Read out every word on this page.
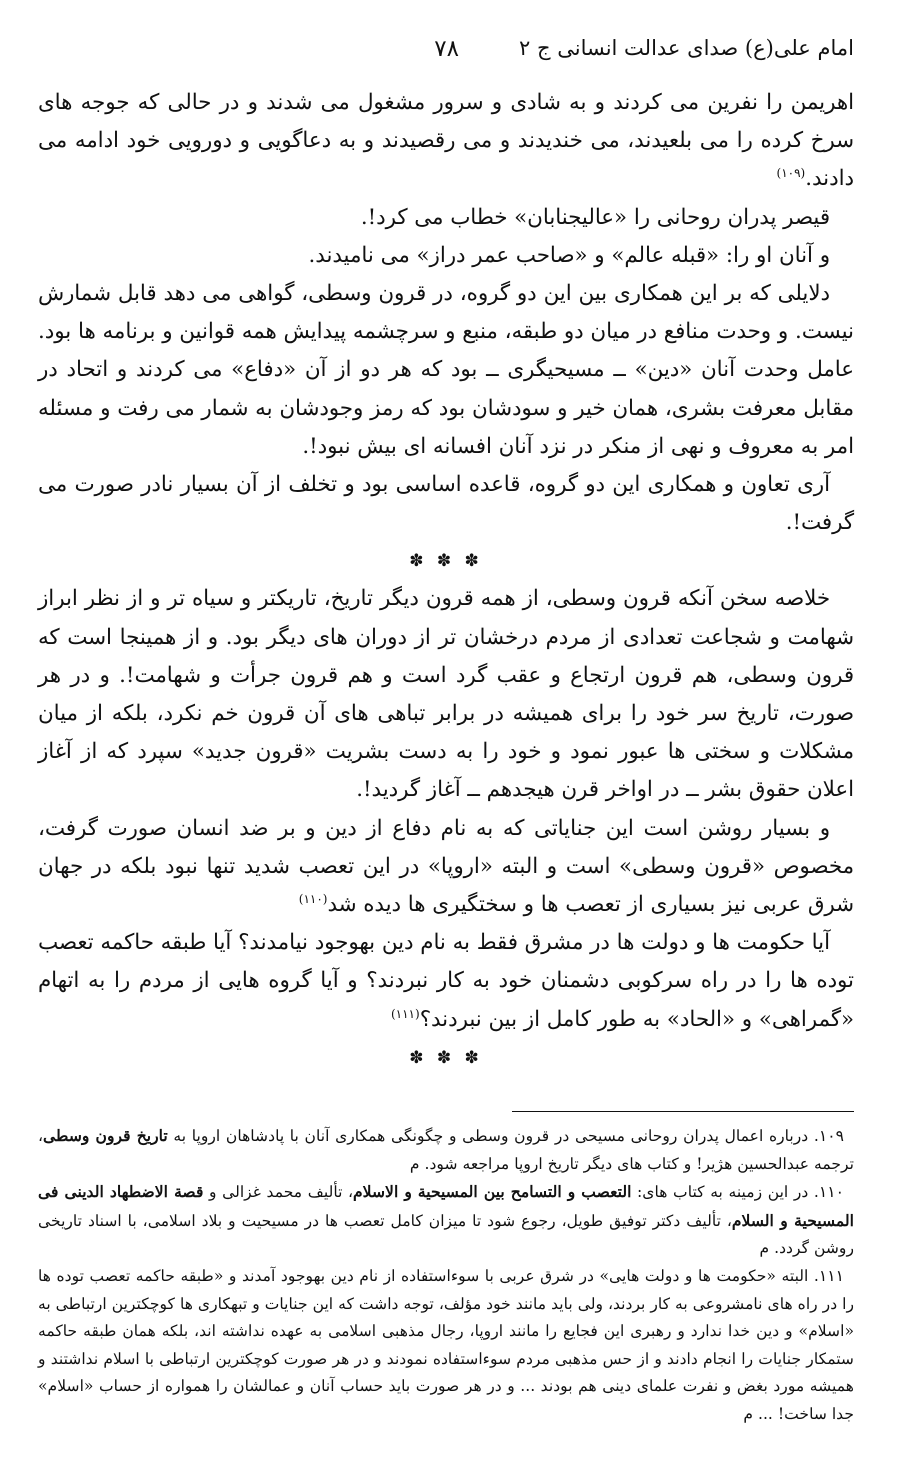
امام علی(ع) صدای عدالت انسانی ج ۲
۷۸

اهریمن را نفرین می کردند و به شادی و سرور مشغول می شدند و در حالی که جوجه های سرخ کرده را می بلعیدند، می خندیدند و می رقصیدند و به دعاگویی و دورویی خود ادامه می دادند.$^{(۱۰۹)}$

قیصر پدران روحانی را «عالیجنابان» خطاب می کرد!.

و آنان او را: «قبله عالم» و «صاحب عمر دراز» می نامیدند.

دلایلی که بر این همکاری بین این دو گروه، در قرون وسطی، گواهی می دهد قابل شمارش نیست. و وحدت منافع در میان دو طبقه، منبع و سرچشمه پیدایش همه قوانین و برنامه ها بود. عامل وحدت آنان «دین» ــ مسیحیگری ــ بود که هر دو از آن «دفاع» می کردند و اتحاد در مقابل معرفت بشری، همان خیر و سودشان بود که رمز وجودشان به شمار می رفت و مسئله امر به معروف و نهی از منکر در نزد آنان افسانه ای بیش نبود!.

آری تعاون و همکاری این دو گروه، قاعده اساسی بود و تخلف از آن بسیار نادر صورت می گرفت!.

✽ ✽ ✽

خلاصه سخن آنکه قرون وسطی، از همه قرون دیگر تاریخ، تاریکتر و سیاه تر و از نظر ابراز شهامت و شجاعت تعدادی از مردم درخشان تر از دوران های دیگر بود. و از همینجا است که قرون وسطی، هم قرون ارتجاع و عقب گرد است و هم قرون جرأت و شهامت!. و در هر صورت، تاریخ سر خود را برای همیشه در برابر تباهی های آن قرون خم نکرد، بلکه از میان مشکلات و سختی ها عبور نمود و خود را به دست بشریت «قرون جدید» سپرد که از آغاز اعلان حقوق بشر ــ در اواخر قرن هیجدهم ــ آغاز گردید!.

و بسیار روشن است این جنایاتی که به نام دفاع از دین و بر ضد انسان صورت گرفت، مخصوص «قرون وسطی» است و البته «اروپا» در این تعصب شدید تنها نبود بلکه در جهان شرق عربی نیز بسیاری از تعصب ها و سختگیری ها دیده شد$^{(۱۱۰)}$

آیا حکومت ها و دولت ها در مشرق فقط به نام دین بهوجود نیامدند؟ آیا طبقه حاکمه تعصب توده ها را در راه سرکوبی دشمنان خود به کار نبردند؟ و آیا گروه هایی از مردم را به اتهام «گمراهی» و «الحاد» به طور کامل از بین نبردند؟$^{(۱۱۱)}$

✽ ✽ ✽

۱۰۹. درباره اعمال پدران روحانی مسیحی در قرون وسطی و چگونگی همکاری آنان با پادشاهان اروپا به تاریخ قرون وسطی، ترجمه عبدالحسین هژیر! و کتاب های دیگر تاریخ اروپا مراجعه شود. م

۱۱۰. در این زمینه به کتاب های: التعصب و التسامح بین المسیحیة و الاسلام، تألیف محمد غزالی و قصة الاضطهاد الدینی فی المسیحیة و السلام، تألیف دکتر توفیق طویل، رجوع شود تا میزان کامل تعصب ها در مسیحیت و بلاد اسلامی، با اسناد تاریخی روشن گردد. م

۱۱۱. البته «حکومت ها و دولت هایی» در شرق عربی با سوءاستفاده از نام دین بهوجود آمدند و «طبقه حاکمه تعصب توده ها را در راه های نامشروعی به کار بردند، ولی باید مانند خود مؤلف، توجه داشت که این جنایات و تبهکاری ها کوچکترین ارتباطی به «اسلام» و دین خدا ندارد و رهبری این فجایع را مانند اروپا، رجال مذهبی اسلامی به عهده نداشته اند، بلکه همان طبقه حاکمه ستمکار جنایات را انجام دادند و از حس مذهبی مردم سوءاستفاده نمودند و در هر صورت کوچکترین ارتباطی با اسلام نداشتند و همیشه مورد بغض و نفرت علمای دینی هم بودند ... و در هر صورت باید حساب آنان و عمالشان را همواره از حساب «اسلام» جدا ساخت! ... م
